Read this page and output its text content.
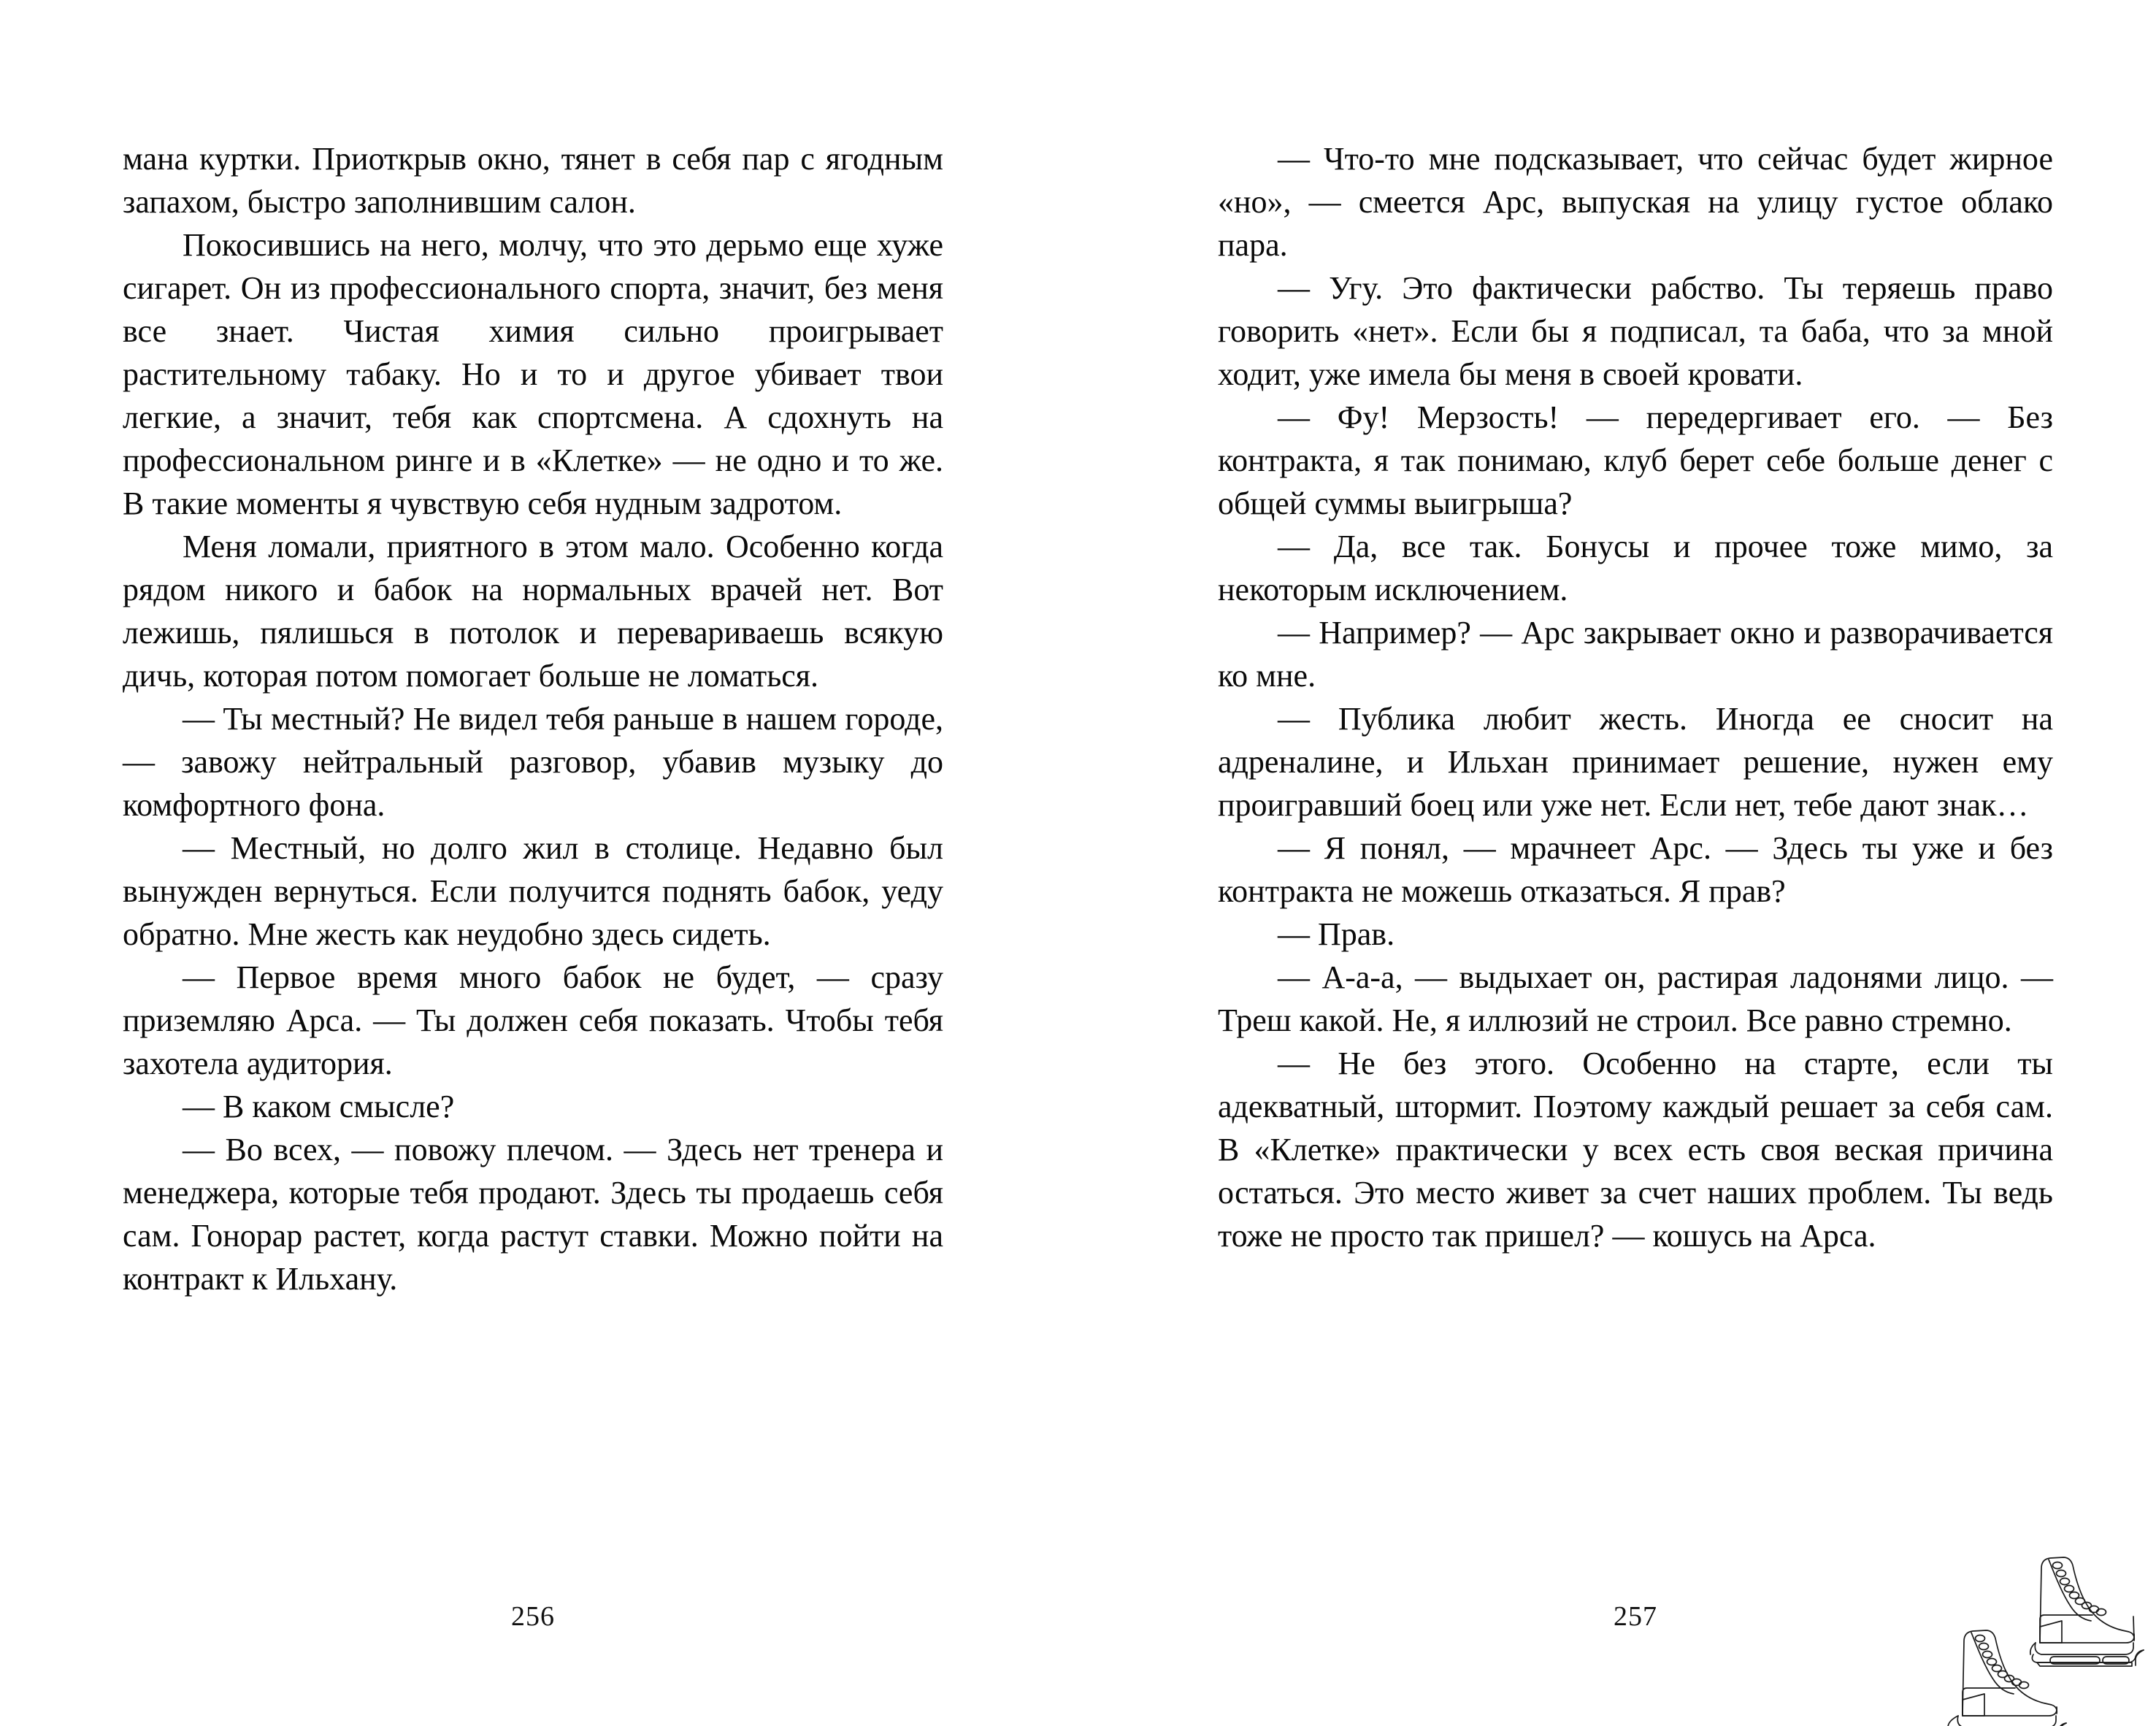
мана куртки. Приоткрыв окно, тянет в себя пар с ягодным запахом, быстро заполнившим салон.

Покосившись на него, молчу, что это дерьмо еще хуже сигарет. Он из профессионального спорта, значит, без меня все знает. Чистая химия сильно проигрывает растительному табаку. Но и то и другое убивает твои легкие, а значит, тебя как спортсмена. А сдохнуть на профессиональном ринге и в «Клетке» — не одно и то же. В такие моменты я чувствую себя нудным задротом.

Меня ломали, приятного в этом мало. Особенно когда рядом никого и бабок на нормальных врачей нет. Вот лежишь, пялишься в потолок и перевариваешь всякую дичь, которая потом помогает больше не ломаться.

— Ты местный? Не видел тебя раньше в нашем городе, — завожу нейтральный разговор, убавив музыку до комфортного фона.

— Местный, но долго жил в столице. Недавно был вынужден вернуться. Если получится поднять бабок, уеду обратно. Мне жесть как неудобно здесь сидеть.

— Первое время много бабок не будет, — сразу приземляю Арса. — Ты должен себя показать. Чтобы тебя захотела аудитория.

— В каком смысле?

— Во всех, — повожу плечом. — Здесь нет тренера и менеджера, которые тебя продают. Здесь ты продаешь себя сам. Гонорар растет, когда растут ставки. Можно пойти на контракт к Ильхану.

256

— Что-то мне подсказывает, что сейчас будет жирное «но», — смеется Арс, выпуская на улицу густое облако пара.

— Угу. Это фактически рабство. Ты теряешь право говорить «нет». Если бы я подписал, та баба, что за мной ходит, уже имела бы меня в своей кровати.

— Фу! Мерзость! — передергивает его. — Без контракта, я так понимаю, клуб берет себе больше денег с общей суммы выигрыша?

— Да, все так. Бонусы и прочее тоже мимо, за некоторым исключением.

— Например? — Арс закрывает окно и разворачивается ко мне.

— Публика любит жесть. Иногда ее сносит на адреналине, и Ильхан принимает решение, нужен ему проигравший боец или уже нет. Если нет, тебе дают знак…

— Я понял, — мрачнеет Арс. — Здесь ты уже и без контракта не можешь отказаться. Я прав?

— Прав.

— А-а-а, — выдыхает он, растирая ладонями лицо. — Треш какой. Не, я иллюзий не строил. Все равно стремно.

— Не без этого. Особенно на старте, если ты адекватный, штормит. Поэтому каждый решает за себя сам. В «Клетке» практически у всех есть своя веская причина остаться. Это место живет за счет наших проблем. Ты ведь тоже не просто так пришел? — кошусь на Арса.

257
